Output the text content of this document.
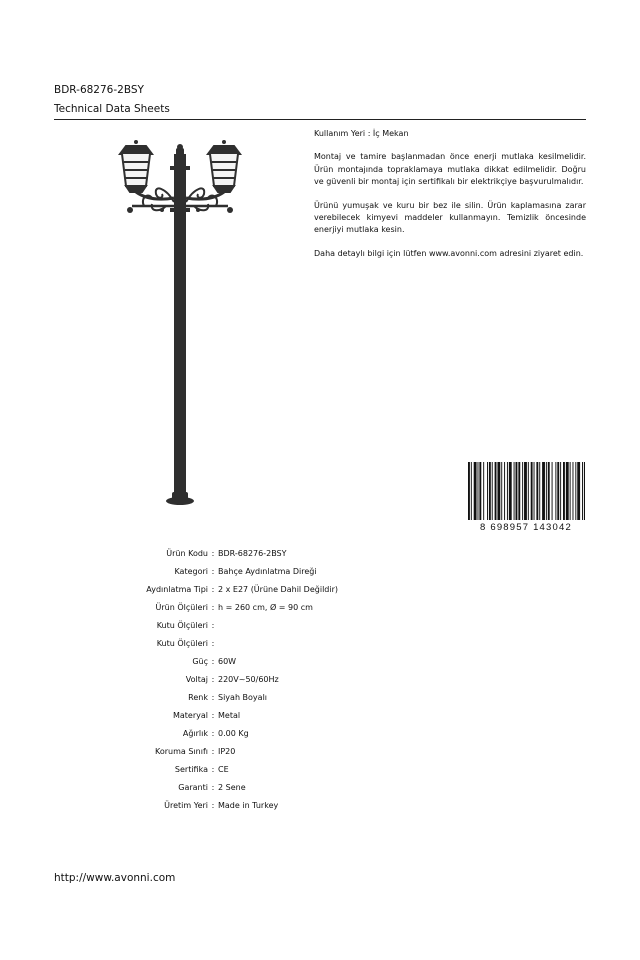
BDR-68276-2BSY
Technical Data Sheets

Kullanım Yeri : İç Mekan

Montaj ve tamire başlanmadan önce enerji mutlaka kesilmelidir. Ürün montajında topraklamaya mutlaka dikkat edilmelidir. Doğru ve güvenli bir montaj için sertifikalı bir elektrikçiye başvurulmalıdır.

Ürünü yumuşak ve kuru bir bez ile silin. Ürün kaplamasına zarar verebilecek kimyevi maddeler kullanmayın. Temizlik öncesinde enerjiyi mutlaka kesin.

Daha detaylı bilgi için lütfen www.avonni.com adresini ziyaret edin.

8 698957 143042
Ürün Kodu : BDR-68276-2BSY
Kategori : Bahçe Aydınlatma Direği
Aydınlatma Tipi : 2 x E27 (Ürüne Dahil Değildir)
Ürün Ölçüleri : h = 260 cm, Ø = 90 cm
Kutu Ölçüleri :
Kutu Ölçüleri :
Güç : 60W
Voltaj : 220V~50/60Hz
Renk : Siyah Boyalı
Materyal : Metal
Ağırlık : 0.00 Kg
Koruma Sınıfı : IP20
Sertifika : CE
Garanti : 2 Sene
Üretim Yeri : Made in Turkey
http://www.avonni.com
